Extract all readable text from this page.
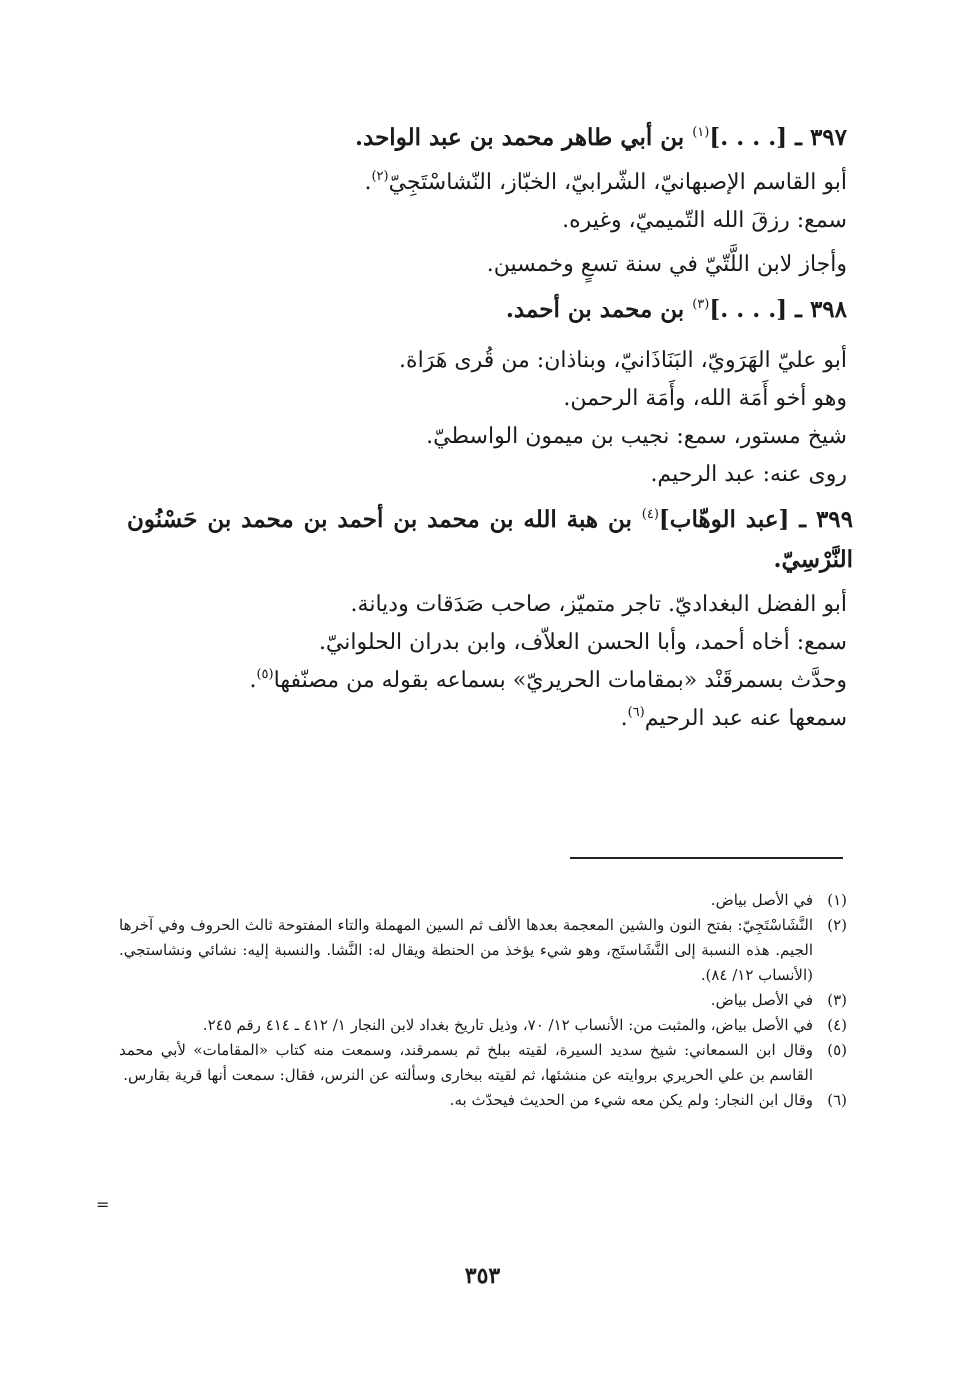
٣٩٧ ـ [. . . .]$^{(١)}$ بن أبي طاهر محمد بن عبد الواحد.

أبو القاسم الإصبهانيّ، الشّرابيّ، الخبّاز، النّشاسْتَجِيّ$^{(٢)}$.

سمع: رزقَ الله التّميميّ، وغيره.

وأجاز لابن اللَّتّيّ في سنة تسعٍ وخمسين.

٣٩٨ ـ [. . . .]$^{(٣)}$ بن محمد بن أحمد.

أبو عليّ الهَرَويّ، البَنَاذَانيّ، وبناذان: من قُرى هَرَاة.

وهو أخو أَمَة الله، وأَمَة الرحمن.

شيخ مستور، سمع: نجيب بن ميمون الواسطيّ.

روى عنه: عبد الرحيم.

٣٩٩ ـ [عبد الوهّاب]$^{(٤)}$ بن هبة الله بن محمد بن أحمد بن محمد بن حَسْنُون النَّرْسِيّ.

أبو الفضل البغداديّ. تاجر متميّز، صاحب صَدَقات وديانة.

سمع: أخاه أحمد، وأبا الحسن العلاّف، وابن بدران الحلوانيّ.

وحدَّث بسمرقَنْد «بمقامات الحريريّ» بسماعه بقوله من مصنّفها$^{(٥)}$.

سمعها عنه عبد الرحيم$^{(٦)}$.

(١)
في الأصل بياض.
(٢)
النَّشَاسْتَجِيّ: بفتح النون والشين المعجمة بعدها الألف ثم السين المهملة والتاء المفتوحة ثالث الحروف وفي آخرها الجيم. هذه النسبة إلى النَّشَاستَج، وهو شيء يؤخذ من الحنطة ويقال له: النَّشا. والنسبة إليه: نشائي ونشاستجي. (الأنساب ١٢/ ٨٤).
(٣)
في الأصل بياض.
(٤)
في الأصل بياض، والمثبت من: الأنساب ١٢/ ٧٠، وذيل تاريخ بغداد لابن النجار ١/ ٤١٢ ـ ٤١٤ رقم ٢٤٥.
(٥)
وقال ابن السمعاني: شيخ سديد السيرة، لقيته ببلخ ثم بسمرقند، وسمعت منه كتاب «المقامات» لأبي محمد القاسم بن علي الحريري بروايته عن منشئها، ثم لقيته ببخارى وسألته عن النرس، فقال: سمعت أنها قرية بقارس.
(٦)
وقال ابن النجار: ولم يكن معه شيء من الحديث فيحدّث به.
=
٣٥٣
